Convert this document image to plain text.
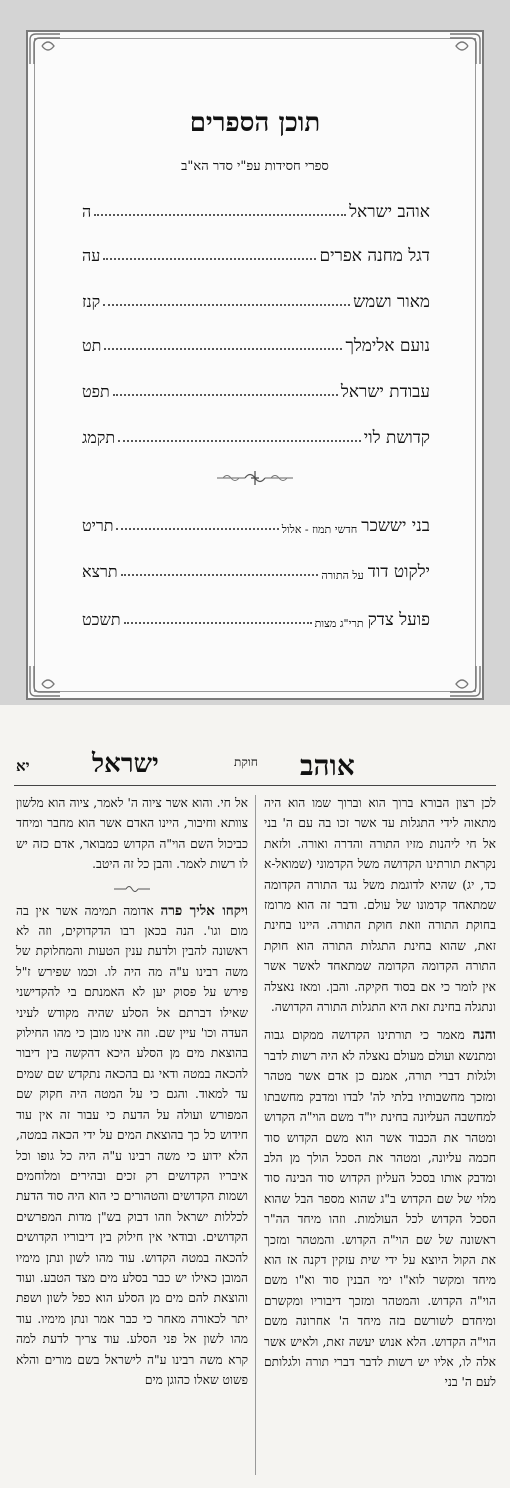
תוכן הספרים
ספרי חסידות עפ"י סדר הא"ב
אוהב ישראל
ה
דגל מחנה אפרים
עה
מאור ושמש
קנז
נועם אלימלך
תט
עבודת ישראל
תפט
קדושת לוי
תקמג
בני יששכר
חדשי תמוז - אלול
תריט
ילקוט דוד
על התורה
תרצא
פועל צדק
תרי"ג מצות
תשכט
אוהב
חוקת
ישראל
יא

לכן רצון הבורא ברוך הוא וברוך שמו הוא היה מתאוה לידי התגלות עד אשר זכו בה עם ה' בני אל חי ליהנות מזיו התורה והדרה ואורה. ולזאת נקראת תורתינו הקדושה משל הקדמוני (שמואל-א כד, יג) שהיא לדוגמת משל נגד התורה הקדומה שמתאחד קדמונו של עולם. ודבר זה הוא מרומז בחוקת התורה וזאת חוקת התורה. היינו בחינת זאת, שהוא בחינת התגלות התורה הוא חוקת התורה הקדומה הקדומה שמתאחד לאשר אשר אין לומר כי אם בסוד חקיקה. והבן. ומאז נאצלה ונתגלה בחינת זאת היא התגלות התורה הקדושה.

והנה מאמר כי תורתינו הקדושה ממקום גבוה ומתנשא ועולם מעולם נאצלה לא היה רשות לדבר ולגלות דברי תורה, אמנם כן אדם אשר מטהר ומזכך מחשבותיו בלתי לה' לבדו ומדבק מחשבתו למחשבה העליונה בחינת יו"ד משם הוי"ה הקדוש ומטהר את הכבוד אשר הוא משם הקדוש סוד חכמה עליונה, ומטהר את הסכל הולך מן הלב ומדבק אותו בסכל העליון הקדוש סוד הבינה סוד מלוי של שם הקדוש ב"ג שהוא מספר הבל שהוא הסכל הקדוש לכל העולמות. וזהו מיחד הה"ר ראשונה של שם הוי"ה הקדוש. והמטהר ומזכך את הקול היוצא על ידי שית עזקין דקנה אז הוא מיחד ומקשר לוא"ו ימי הבנין סוד וא"ו משם הוי"ה הקדוש. והמטהר ומזכך דיבוריו ומקשרם ומיחדם לשורשם בזה מיחד ה' אחרונה משם הוי"ה הקדוש. הלא אנוש יעשה זאת, ולאיש אשר אלה לו, אליו יש רשות לדבר דברי תורה ולגלותם לעם ה' בני

אל חי. והוא אשר ציוה ה' לאמר, ציוה הוא מלשון צוותא וחיבור, היינו האדם אשר הוא מחבר ומיחד כביכול השם הוי"ה הקדוש כמבואר, אדם כזה יש לו רשות לאמר. והבן כל זה היטב.

ויקחו אליך פרה אדומה תמימה אשר אין בה מום וגו'. הנה בכאן רבו הדקדוקים, וזה לא ראשונה להבין ולדעת ענין הטעות והמחלוקת של משה רבינו ע"ה מה היה לו. וכמו שפירש ז"ל פירש על פסוק יען לא האמנתם בי להקדישני שאילו דברתם אל הסלע שהיה מקודש לעיני העדה וכו' עיין שם. וזה אינו מובן כי מהו החילוק בהוצאת מים מן הסלע היכא דהקשה בין דיבור להכאה במטה ודאי גם בהכאה נתקדש שם שמים עד למאוד. והגם כי על המטה היה חקוק שם המפורש ועולה על הדעת כי עבור זה אין עוד חידוש כל כך בהוצאת המים על ידי הכאה במטה, הלא ידוע כי משה רבינו ע"ה היה כל גופו וכל איבריו הקדושים רק זכים ובהירים ומלוחמים ושמות הקדושים והטהורים כי הוא היה סוד הדעת לכללות ישראל וזהו דבוק בש"ן מדות המפרשים הקדושים. ובודאי אין חילוק בין דיבוריו הקדושים להכאה במטה הקדוש. עוד מהו לשון ונתן מימיו המובן כאילו יש כבר בסלע מים מצד הטבע. ועוד והוצאת להם מים מן הסלע הוא כפל לשון ושפת יתר לכאורה מאחר כי כבר אמר ונתן מימיו. עוד מהו לשון אל פני הסלע. עוד צריך לדעת למה קרא משה רבינו ע"ה לישראל בשם מורים והלא פשוט שאלו כהוגן מים
